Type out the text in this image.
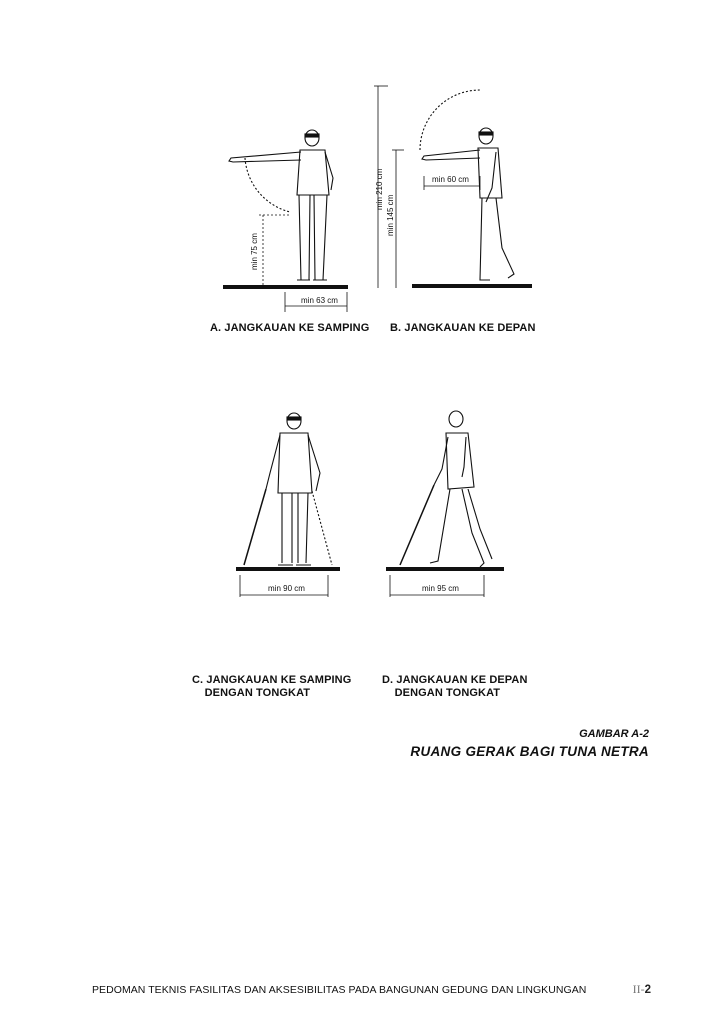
min 75 cm
min 63 cm
min 210 cm
min 145 cm
min 60 cm
A. JANGKAUAN KE SAMPING B. JANGKAUAN KE DEPAN
min 90 cm	min 95 cm
C. JANGKAUAN KE SAMPING
DENGAN TONGKAT
D. JANGKAUAN KE DEPAN
DENGAN TONGKAT
GAMBAR A-2
RUANG GERAK BAGI TUNA NETRA
PEDOMAN TEKNIS FASILITAS DAN AKSESIBILITAS PADA BANGUNAN GEDUNG DAN LINGKUNGAN	II-2
